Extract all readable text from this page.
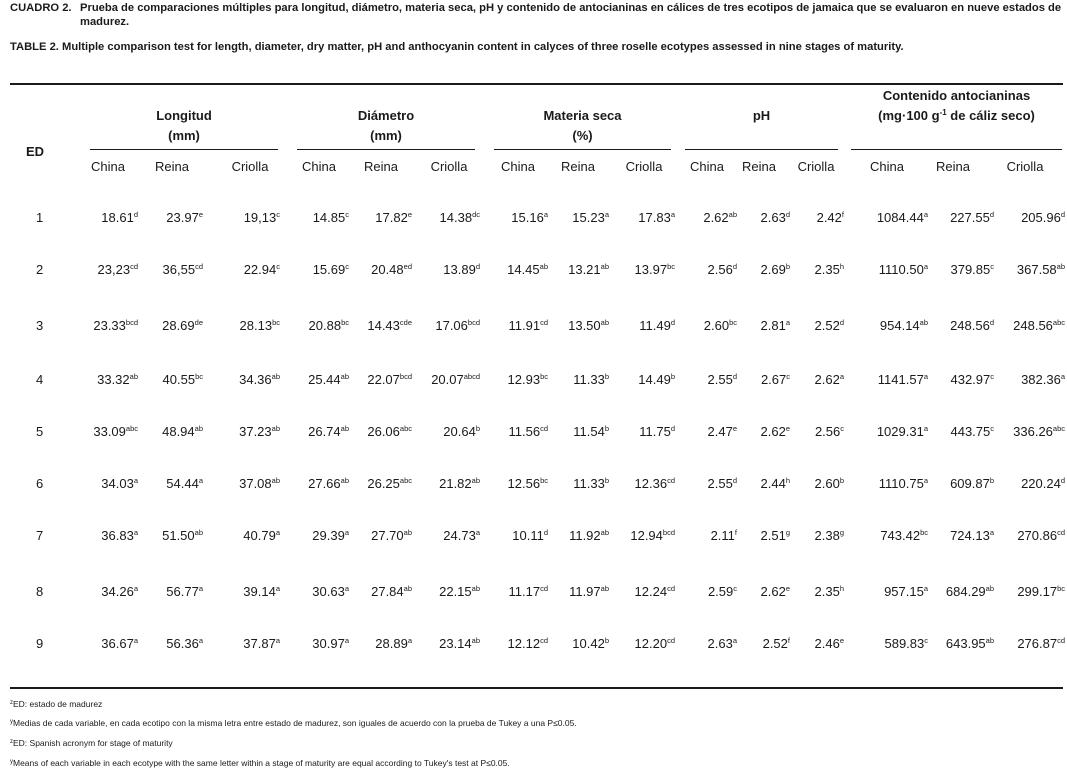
CUADRO 2. Prueba de comparaciones múltiples para longitud, diámetro, materia seca, pH y contenido de antocianinas en cálices de tres ecotipos de jamaica que se evaluaron en nueve estados de madurez.
TABLE 2. Multiple comparison test for length, diameter, dry matter, pH and anthocyanin content in calyces of three roselle ecotypes assessed in nine stages of maturity.
ED
Longitud
(mm)
Diámetro
(mm)
Materia seca
(%)
pH
Contenido antocianinas
(mg·100 $g^{-1}$ de cáliz seco)
China	Reina	Criolla	China	Reina	Criolla	China	Reina	Criolla	China	Reina	Criolla	China	Reina	Criolla
1	18.61$^d$ 23.97e	19,13$^c$	14.85$^c$ 17.82e 14.38$^{dc}$ 15.16$^a$ 15.23$^a$ 17.83$^a$ 2.62$^{ab}$ 2.63$^d$ 2.42$^f$	1084.44$^a$ 227.55$^d$ 205.96$^d$
2	23,23$^{cd}$ 36,55$^{cd}$	22.94$^c$	15.69$^c$ 20.48$^{ed}$ 13.89$^d$ 14.45$^{ab}$ 13.21$^{ab}$ 13.97$^{bc}$	2.56$^d$ 2.69$^b$ 2.35$^h$	1110.50$^a$ 379.85$^c$ 367.58$^{ab}$
3	23.33$^{bcd}$ 28.69de	28.13$^{bc}$ 20.88$^{bc}$ 14.43$^{cde}$ 17.06$^{bcd}$ 11.91$^{cd}$ 13.50$^{ab}$ 11.49$^d$ 2.60$^{bc}$ 2.81$^a$ 2.52$^d$	954.14$^{ab}$ 248.56$^d$ 248.56$^{abc}$
4	33.32$^{ab}$ 40.55$^{bc}$	34.36$^{ab}$ 25.44$^{ab}$ 22.07$^{bcd}$ $20.07^{abcd}$ 12.93$^{bc}$ 11.33$^b$ 14.49$^b$	2.55$^d$ 2.67$^c$ 2.62$^a$	1141.57$^a$ 432.97$^c$ 382.36$^a$
5	33.09$^{abc}$ 48.94$^{ab}$	37.23$^{ab}$ 26.74$^{ab}$ 26.06$^{abc}$ 20.64$^b$ 11.56$^{cd}$ 11.54$^b$ 11.75$^d$	2.47e 2.62e 2.56$^c$	1029.31$^a$ 443.75$^c$ 336.26$^{abc}$
6	34.03$^a$ 54.44$^a$	37.08$^{ab}$ 27.66$^{ab}$ 26.25$^{abc}$ 21.82$^{ab}$ 12.56$^{bc}$ 11.33$^b$ 12.36$^{cd}$	2.55$^d$ 2.44$^h$ 2.60$^b$	1110.75$^a$ 609.87$^b$ 220.24$^d$
7	36.83$^a$ 51.50$^{ab}$	40.79$^a$ 29.39$^a$ 27.70$^{ab}$ 24.73$^a$ 10.11$^d$ 11.92$^{ab}$ 12.94$^{bcd}$	2.11$^f$ 2.51$^g$ 2.38$^g$	743.42$^{bc}$ 724.13$^a$ 270.86$^{cd}$
8	34.26$^a$ 56.77$^a$	39.14$^a$ 30.63$^a$ 27.84$^{ab}$ 22.15$^{ab}$ 11.17$^{cd}$ 11.97$^{ab}$ 12.24$^{cd}$	2.59$^c$ 2.62e 2.35$^h$	957.15$^a$ 684.29$^{ab}$ 299.17$^{bc}$
9	36.67$^a$ 56.36$^a$	37.87$^a$ 30.97$^a$ 28.89$^a$ 23.14$^{ab}$ 12.12$^{cd}$ 10.42$^b$ 12.20$^{cd}$	2.63$^a$ 2.52$^f$ 2.46e	589.83$^c$ 643.95$^{ab}$ 276.87$^{cd}$
$^z$ED: estado de madurez
$^y$Medias de cada variable, en cada ecotipo con la misma letra entre estado de madurez, son iguales de acuerdo con la prueba de Tukey a una P≤0.05.
$^z$ED: Spanish acronym for stage of maturity
$^y$Means of each variable in each ecotype with the same letter within a stage of maturity are equal according to Tukey's test at P≤0.05.
